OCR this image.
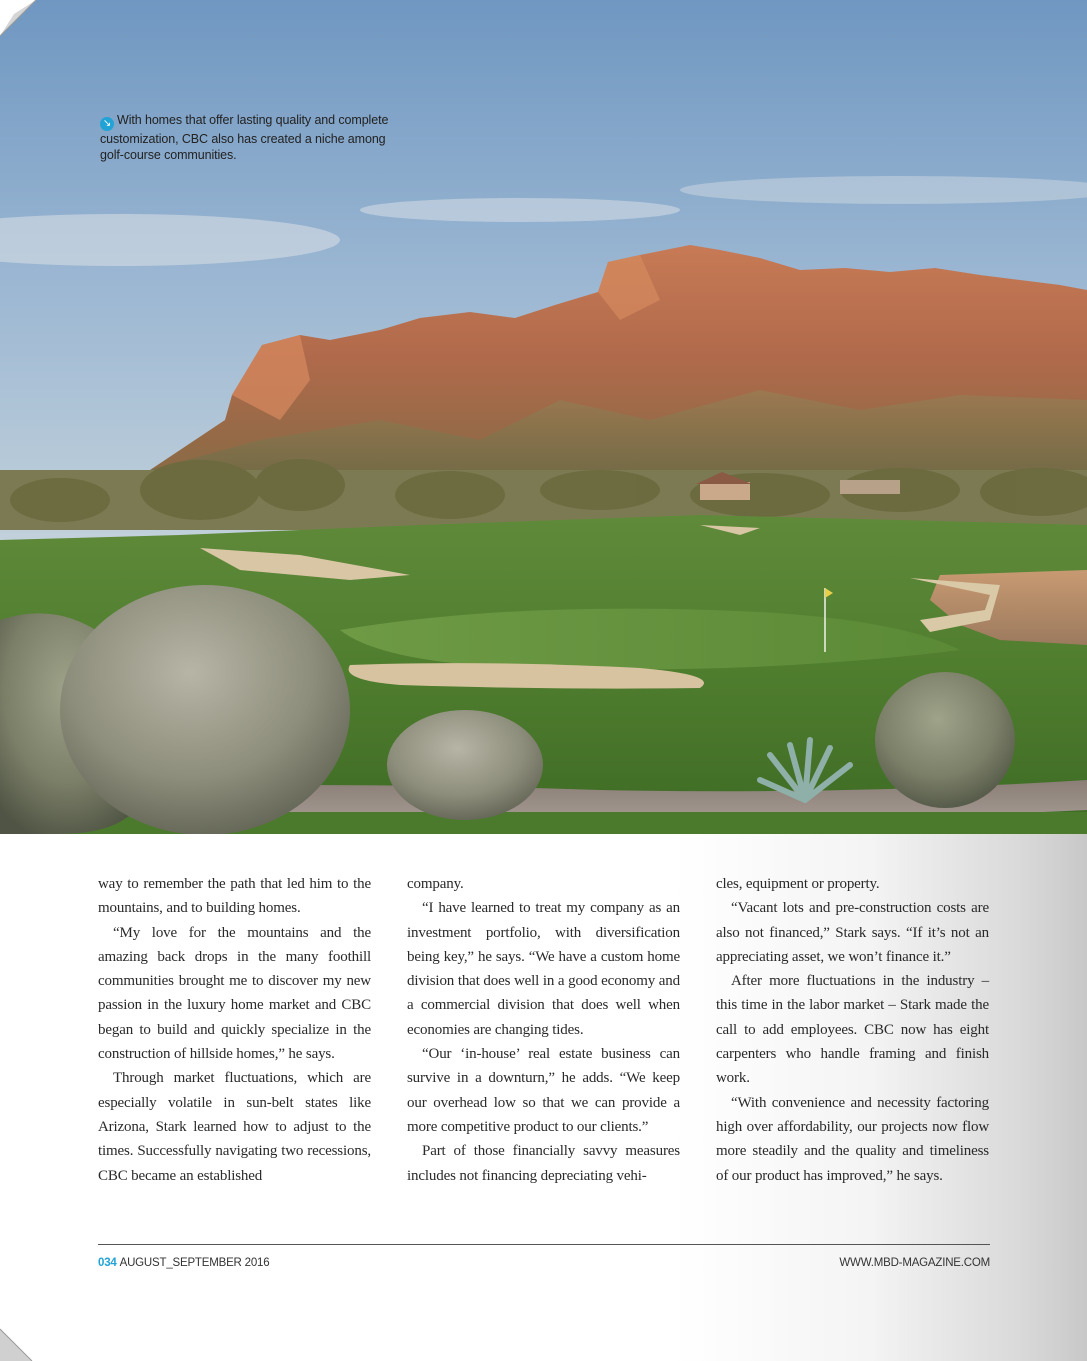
↘ With homes that offer lasting quality and complete customization, CBC also has created a niche among golf-course communities.

way to remember the path that led him to the mountains, and to building homes.

“My love for the mountains and the amazing back drops in the many foothill communities brought me to discover my new passion in the luxury home market and CBC began to build and quickly specialize in the construction of hillside homes,” he says.

Through market fluctuations, which are especially volatile in sun-belt states like Arizona, Stark learned how to adjust to the times. Successfully navigating two recessions, CBC became an established

company.

“I have learned to treat my company as an investment portfolio, with diversification being key,” he says. “We have a custom home division that does well in a good economy and a commercial division that does well when economies are changing tides.

“Our ‘in-house’ real estate business can survive in a downturn,” he adds. “We keep our overhead low so that we can provide a more competitive product to our clients.”

Part of those financially savvy measures includes not financing depreciating vehi-

cles, equipment or property.

“Vacant lots and pre-construction costs are also not financed,” Stark says. “If it’s not an appreciating asset, we won’t finance it.”

After more fluctuations in the industry – this time in the labor market – Stark made the call to add employees. CBC now has eight carpenters who handle framing and finish work.

“With convenience and necessity factoring high over affordability, our projects now flow more steadily and the quality and timeliness of our product has improved,” he says.

034 AUGUST_SEPTEMBER 2016	WWW.MBD-MAGAZINE.COM
